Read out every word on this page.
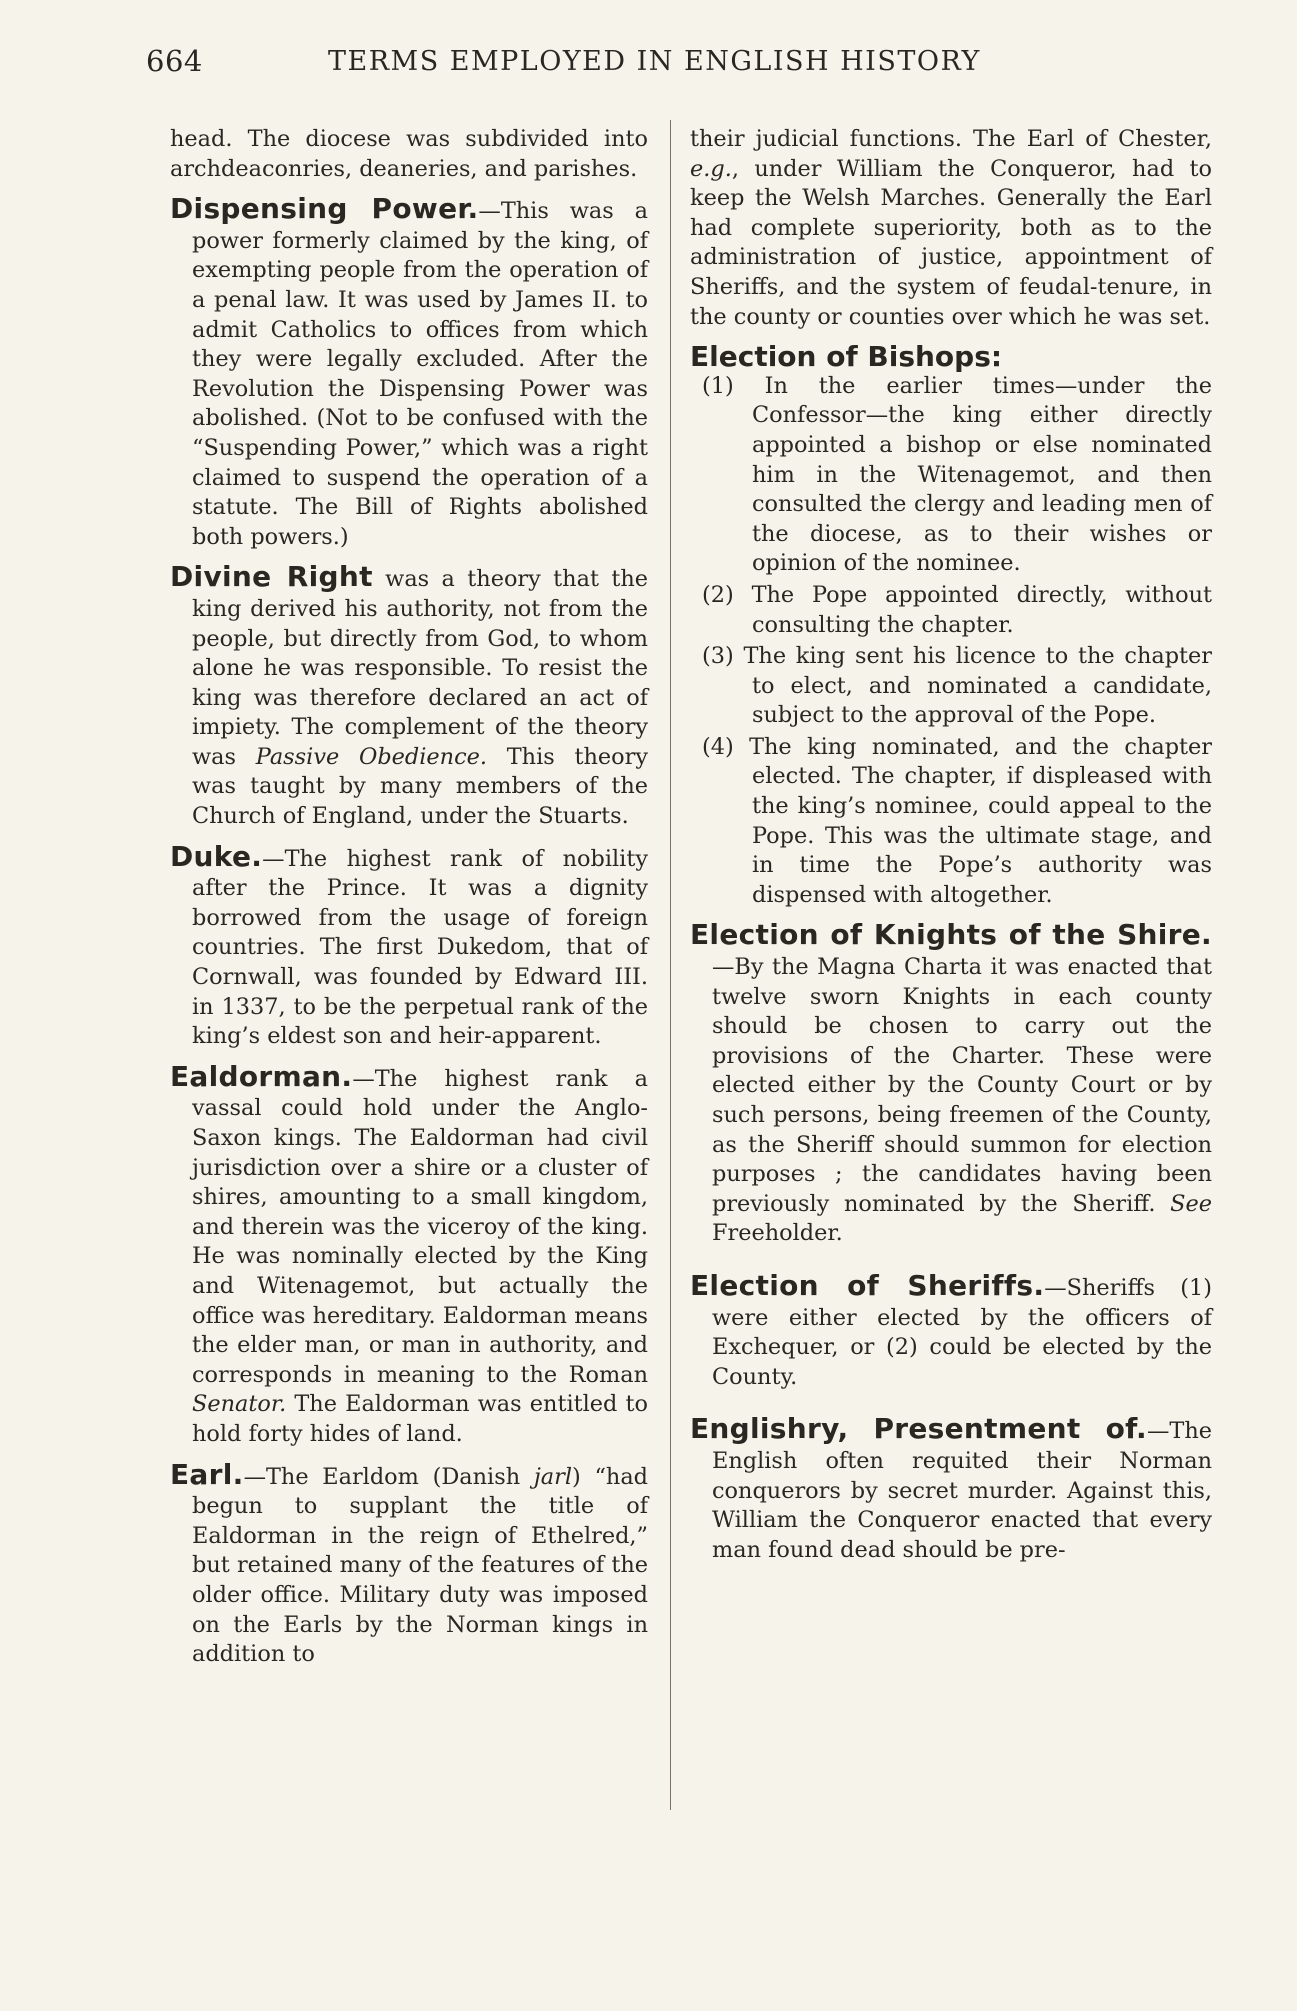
664	TERMS EMPLOYED IN ENGLISH HISTORY

head. The diocese was subdivided into archdeaconries, deaneries, and parishes.

Dispensing Power.—This was a power formerly claimed by the king, of exempting people from the operation of a penal law. It was used by James II. to admit Catholics to offices from which they were legally excluded. After the Revolution the Dispensing Power was abolished. (Not to be confused with the “Suspending Power,” which was a right claimed to suspend the operation of a statute. The Bill of Rights abolished both powers.)

Divine Right was a theory that the king derived his authority, not from the people, but directly from God, to whom alone he was responsible. To resist the king was therefore declared an act of impiety. The complement of the theory was Passive Obedience. This theory was taught by many members of the Church of England, under the Stuarts.

Duke.—The highest rank of nobility after the Prince. It was a dignity borrowed from the usage of foreign countries. The first Dukedom, that of Cornwall, was founded by Edward III. in 1337, to be the perpetual rank of the king’s eldest son and heir-apparent.

Ealdorman.—The highest rank a vassal could hold under the Anglo-Saxon kings. The Ealdorman had civil jurisdiction over a shire or a cluster of shires, amounting to a small kingdom, and therein was the viceroy of the king. He was nominally elected by the King and Witenagemot, but actually the office was hereditary. Ealdorman means the elder man, or man in authority, and corresponds in meaning to the Roman Senator. The Ealdorman was entitled to hold forty hides of land.

Earl.—The Earldom (Danish jarl) “had begun to supplant the title of Ealdorman in the reign of Ethelred,” but retained many of the features of the older office. Military duty was imposed on the Earls by the Norman kings in addition to

their judicial functions. The Earl of Chester, e.g., under William the Conqueror, had to keep the Welsh Marches. Generally the Earl had complete superiority, both as to the administration of justice, appointment of Sheriffs, and the system of feudal-tenure, in the county or counties over which he was set.

Election of Bishops:

(1) In the earlier times—under the Confessor—the king either directly appointed a bishop or else nominated him in the Witenagemot, and then consulted the clergy and leading men of the diocese, as to their wishes or opinion of the nominee.

(2) The Pope appointed directly, without consulting the chapter.

(3) The king sent his licence to the chapter to elect, and nominated a candidate, subject to the approval of the Pope.

(4) The king nominated, and the chapter elected. The chapter, if displeased with the king’s nominee, could appeal to the Pope. This was the ultimate stage, and in time the Pope’s authority was dispensed with altogether.

Election of Knights of the Shire.—By the Magna Charta it was enacted that twelve sworn Knights in each county should be chosen to carry out the provisions of the Charter. These were elected either by the County Court or by such persons, being freemen of the County, as the Sheriff should summon for election purposes ; the candidates having been previously nominated by the Sheriff. See Freeholder.

Election of Sheriffs.—Sheriffs (1) were either elected by the officers of Exchequer, or (2) could be elected by the County.

Englishry, Presentment of.—The English often requited their Norman conquerors by secret murder. Against this, William the Conqueror enacted that every man found dead should be pre-
